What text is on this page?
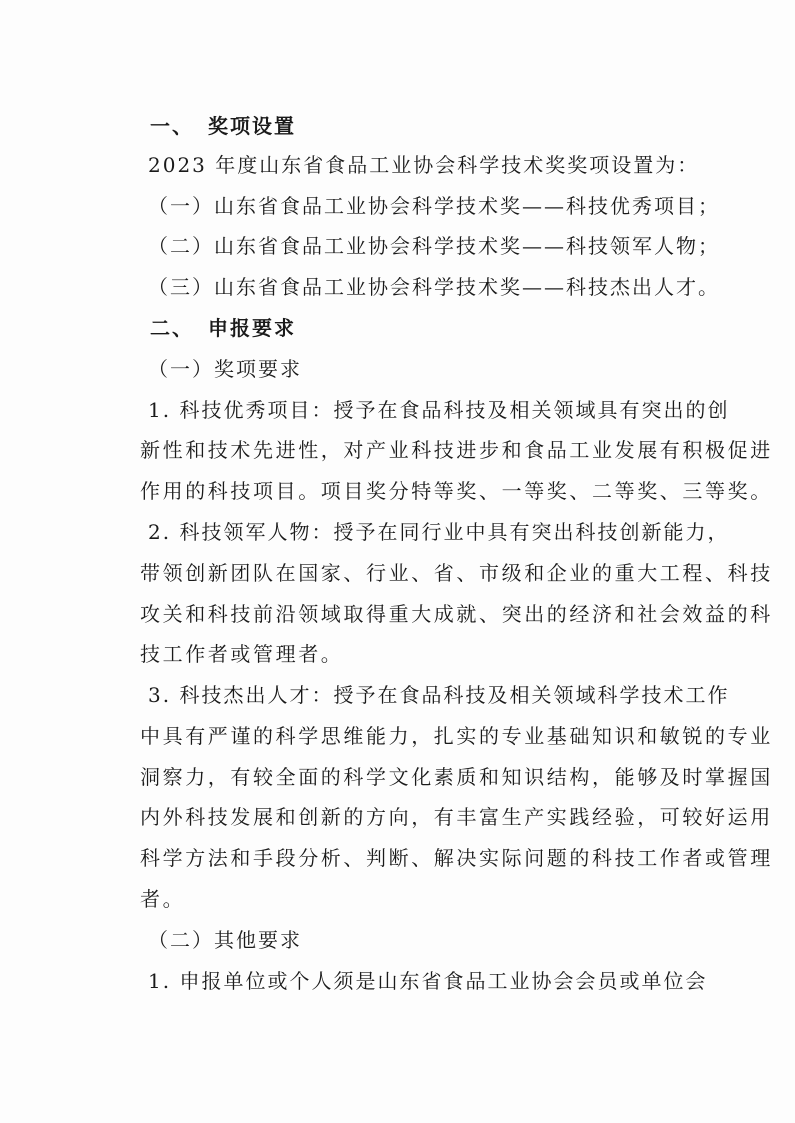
一、 奖项设置
2023 年度山东省食品工业协会科学技术奖奖项设置为：
（一）山东省食品工业协会科学技术奖——科技优秀项目；
（二）山东省食品工业协会科学技术奖——科技领军人物；
（三）山东省食品工业协会科学技术奖——科技杰出人才。
二、 申报要求
（一）奖项要求
1. 科技优秀项目：授予在食品科技及相关领域具有突出的创
新性和技术先进性，对产业科技进步和食品工业发展有积极促进
作用的科技项目。项目奖分特等奖、一等奖、二等奖、三等奖。
2. 科技领军人物：授予在同行业中具有突出科技创新能力，
带领创新团队在国家、行业、省、市级和企业的重大工程、科技
攻关和科技前沿领域取得重大成就、突出的经济和社会效益的科
技工作者或管理者。
3. 科技杰出人才：授予在食品科技及相关领域科学技术工作
中具有严谨的科学思维能力，扎实的专业基础知识和敏锐的专业
洞察力，有较全面的科学文化素质和知识结构，能够及时掌握国
内外科技发展和创新的方向，有丰富生产实践经验，可较好运用
科学方法和手段分析、判断、解决实际问题的科技工作者或管理
者。
（二）其他要求
1. 申报单位或个人须是山东省食品工业协会会员或单位会
